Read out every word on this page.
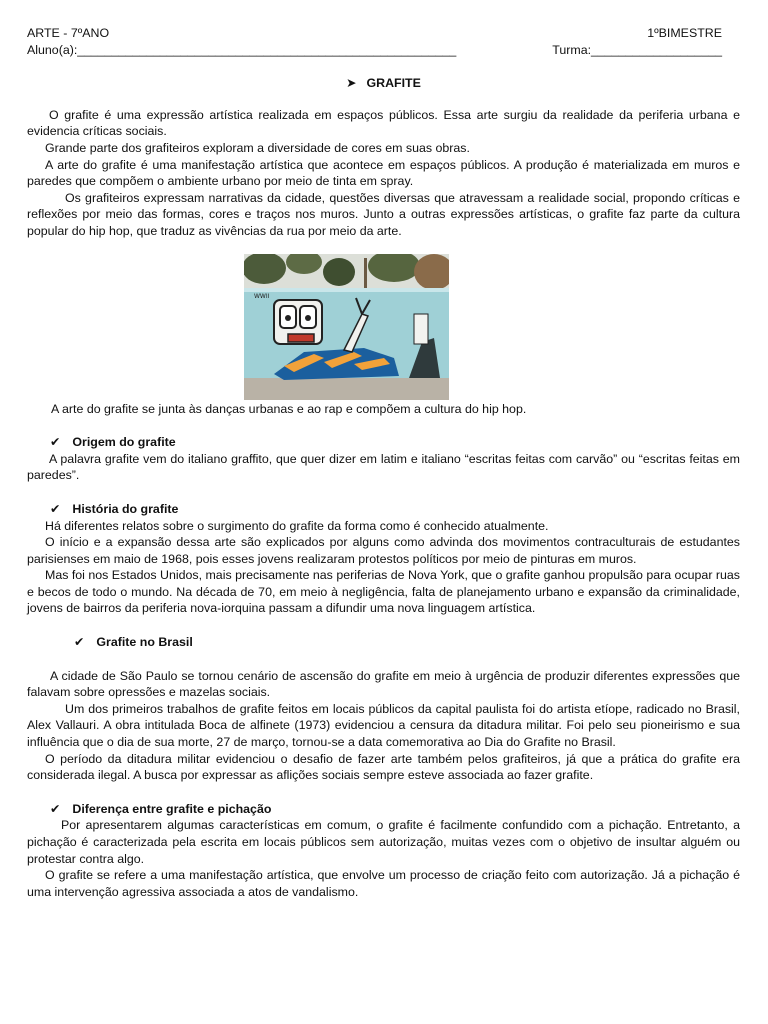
ARTE - 7ºANO	1ºBIMESTRE
Aluno(a):_______________________________________________________	Turma:___________________
➤ GRAFITE

O grafite é uma expressão artística realizada em espaços públicos. Essa arte surgiu da realidade da periferia urbana e evidencia críticas sociais.

Grande parte dos grafiteiros exploram a diversidade de cores em suas obras.

A arte do grafite é uma manifestação artística que acontece em espaços públicos. A produção é materializada em muros e paredes que compõem o ambiente urbano por meio de tinta em spray.

Os grafiteiros expressam narrativas da cidade, questões diversas que atravessam a realidade social, propondo críticas e reflexões por meio das formas, cores e traços nos muros. Junto a outras expressões artísticas, o grafite faz parte da cultura popular do hip hop, que traduz as vivências da rua por meio da arte.

WWII

A arte do grafite se junta às danças urbanas e ao rap e compõem a cultura do hip hop.

✔ Origem do grafite

A palavra grafite vem do italiano graffito, que quer dizer em latim e italiano “escritas feitas com carvão” ou “escritas feitas em paredes”.

✔ História do grafite

Há diferentes relatos sobre o surgimento do grafite da forma como é conhecido atualmente.

O início e a expansão dessa arte são explicados por alguns como advinda dos movimentos contraculturais de estudantes parisienses em maio de 1968, pois esses jovens realizaram protestos políticos por meio de pinturas em muros.

Mas foi nos Estados Unidos, mais precisamente nas periferias de Nova York, que o grafite ganhou propulsão para ocupar ruas e becos de todo o mundo. Na década de 70, em meio à negligência, falta de planejamento urbano e expansão da criminalidade, jovens de bairros da periferia nova-iorquina passam a difundir uma nova linguagem artística.

✔ Grafite no Brasil

A cidade de São Paulo se tornou cenário de ascensão do grafite em meio à urgência de produzir diferentes expressões que falavam sobre opressões e mazelas sociais.

Um dos primeiros trabalhos de grafite feitos em locais públicos da capital paulista foi do artista etíope, radicado no Brasil, Alex Vallauri. A obra intitulada Boca de alfinete (1973) evidenciou a censura da ditadura militar. Foi pelo seu pioneirismo e sua influência que o dia de sua morte, 27 de março, tornou-se a data comemorativa ao Dia do Grafite no Brasil.

O período da ditadura militar evidenciou o desafio de fazer arte também pelos grafiteiros, já que a prática do grafite era considerada ilegal. A busca por expressar as aflições sociais sempre esteve associada ao fazer grafite.

✔ Diferença entre grafite e pichação

Por apresentarem algumas características em comum, o grafite é facilmente confundido com a pichação. Entretanto, a pichação é caracterizada pela escrita em locais públicos sem autorização, muitas vezes com o objetivo de insultar alguém ou protestar contra algo.

O grafite se refere a uma manifestação artística, que envolve um processo de criação feito com autorização. Já a pichação é uma intervenção agressiva associada a atos de vandalismo.
